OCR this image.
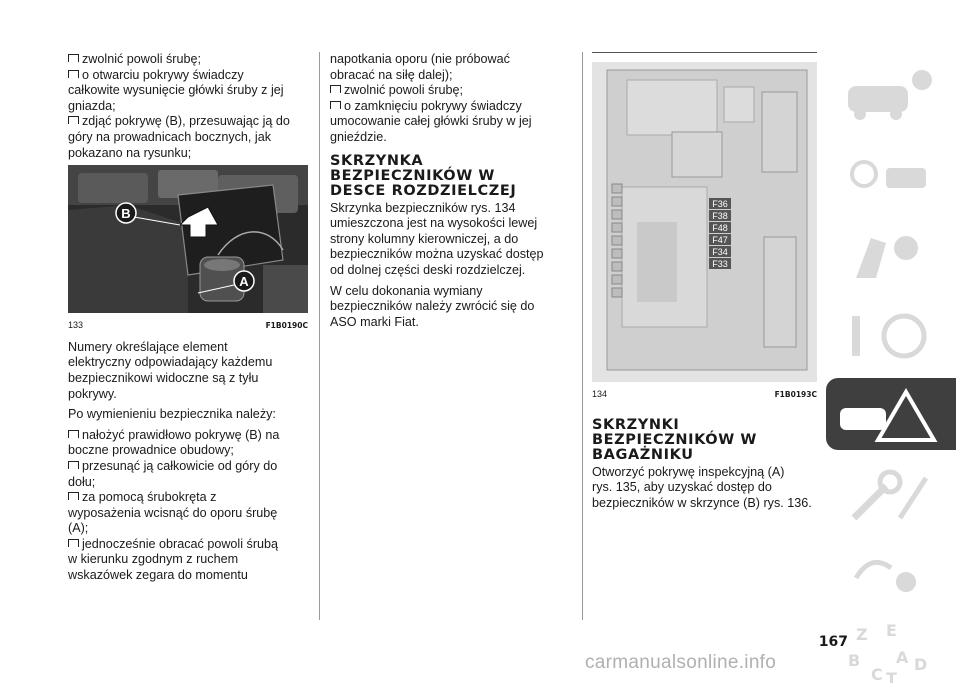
zwolnić powoli śrubę;
o otwarciu pokrywy świadczy
całkowite wysunięcie główki śruby z jej
gniazda;
zdjąć pokrywę (B), przesuwając ją do
góry na prowadnicach bocznych, jak
pokazano na rysunku;
B
A
133	F1B0190C
Numery określające element
elektryczny odpowiadający każdemu
bezpiecznikowi widoczne są z tyłu
pokrywy.
Po wymienieniu bezpiecznika należy:
nałożyć prawidłowo pokrywę (B) na
boczne prowadnice obudowy;
przesunąć ją całkowicie od góry do
dołu;
za pomocą śrubokręta z
wyposażenia wcisnąć do oporu śrubę
(A);
jednocześnie obracać powoli śrubą
w kierunku zgodnym z ruchem
wskazówek zegara do momentu
napotkania oporu (nie próbować
obracać na siłę dalej);
zwolnić powoli śrubę;
o zamknięciu pokrywy świadczy
umocowanie całej główki śruby w jej
gnieździe.
SKRZYNKA
BEZPIECZNIKÓW W
DESCE ROZDZIELCZEJ
Skrzynka bezpieczników rys. 134
umieszczona jest na wysokości lewej
strony kolumny kierowniczej, a do
bezpieczników można uzyskać dostęp
od dolnej części deski rozdzielczej.
W celu dokonania wymiany
bezpieczników należy zwrócić się do
ASO marki Fiat.
F36
F38
F48
F47
F34
F33
134	F1B0193C
SKRZYNKI
BEZPIECZNIKÓW W
BAGAŻNIKU
Otworzyć pokrywę inspekcyjną (A)
rys. 135, aby uzyskać dostęp do
bezpieczników w skrzynce (B) rys. 136.
Z E
A
B
C T
D
167
carmanualsonline.info
